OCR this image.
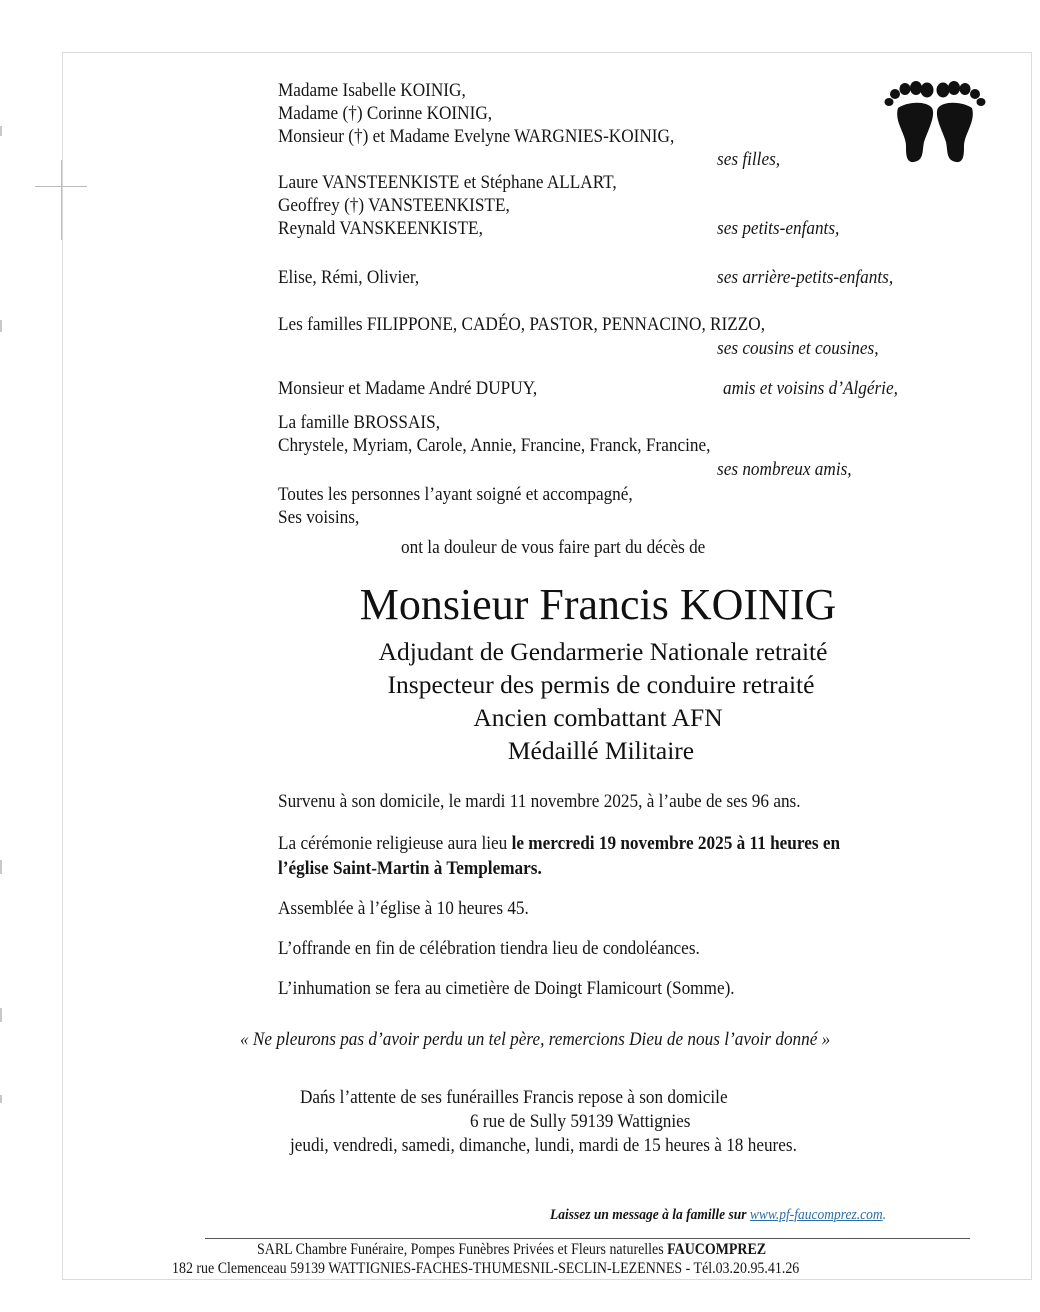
Madame Isabelle KOINIG,
Madame (†) Corinne KOINIG,
Monsieur (†) et Madame Evelyne WARGNIES-KOINIG,
ses filles,
Laure VANSTEENKISTE et Stéphane ALLART,
Geoffrey (†) VANSTEENKISTE,
Reynald VANSKEENKISTE,	ses petits-enfants,
Elise, Rémi, Olivier,	ses arrière-petits-enfants,
Les familles FILIPPONE, CADÉO, PASTOR, PENNACINO, RIZZO,
ses cousins et cousines,
Monsieur et Madame André DUPUY,	amis et voisins d’Algérie,
La famille BROSSAIS,
Chrystele, Myriam, Carole, Annie, Francine, Franck, Francine,
ses nombreux amis,
Toutes les personnes l’ayant soigné et accompagné,
Ses voisins,
ont la douleur de vous faire part du décès de
Monsieur Francis KOINIG
Adjudant de Gendarmerie Nationale retraité
Inspecteur des permis de conduire retraité
Ancien combattant AFN
Médaillé Militaire
Survenu à son domicile, le mardi 11 novembre 2025, à l’aube de ses 96 ans.
La cérémonie religieuse aura lieu le mercredi 19 novembre 2025 à 11 heures en
l’église Saint-Martin à Templemars.
Assemblée à l’église à 10 heures 45.
L’offrande en fin de célébration tiendra lieu de condoléances.
L’inhumation se fera au cimetière de Doingt Flamicourt (Somme).
« Ne pleurons pas d’avoir perdu un tel père, remercions Dieu de nous l’avoir donné »
Dańs l’attente de ses funérailles Francis repose à son domicile
6 rue de Sully 59139 Wattignies
jeudi, vendredi, samedi, dimanche, lundi, mardi de 15 heures à 18 heures.
Laissez un message à la famille sur www.pf-faucomprez.com.
SARL Chambre Funéraire, Pompes Funèbres Privées et Fleurs naturelles FAUCOMPREZ
182 rue Clemenceau 59139 WATTIGNIES-FACHES-THUMESNIL-SECLIN-LEZENNES - Tél.03.20.95.41.26
